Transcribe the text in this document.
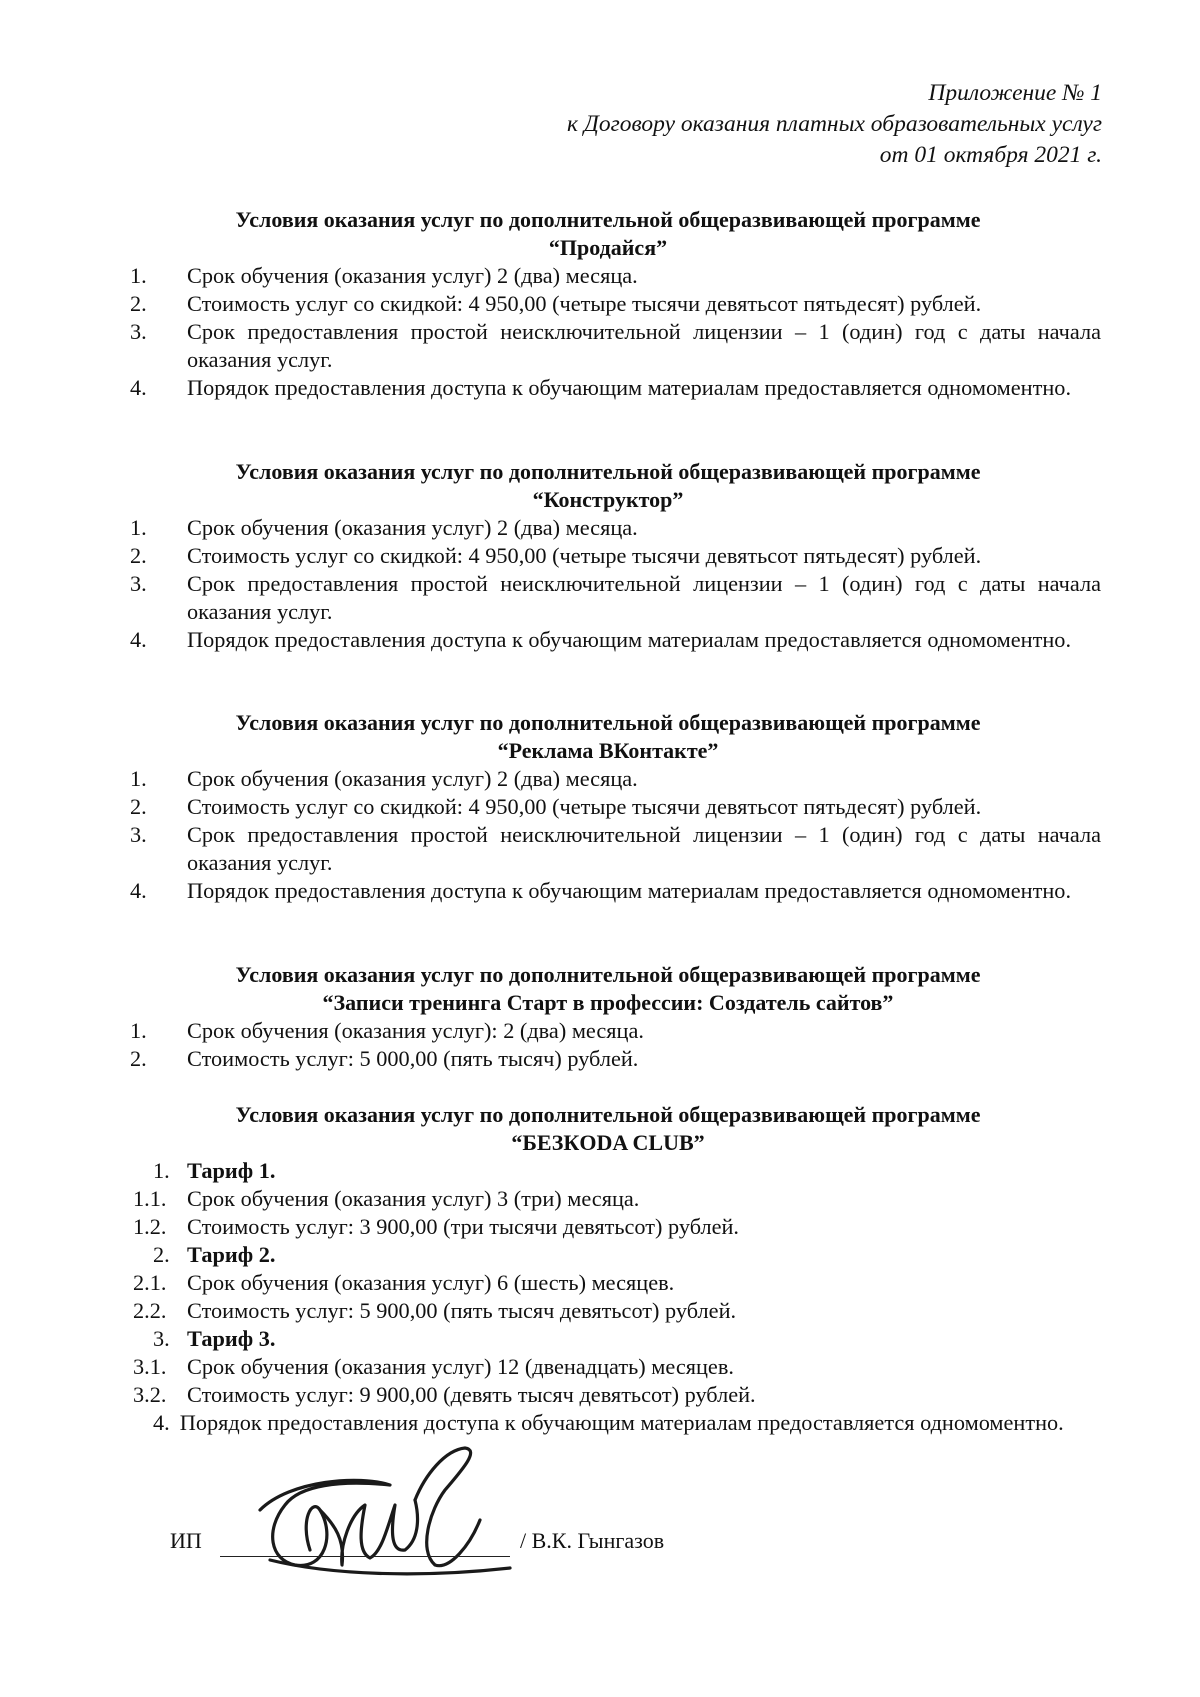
Приложение № 1
к Договору оказания платных образовательных услуг
от 01 октября 2021 г.
Условия оказания услуг по дополнительной общеразвивающей программе
“Продайся”
1. Срок обучения (оказания услуг) 2 (два) месяца.
2. Стоимость услуг со скидкой: 4 950,00 (четыре тысячи девятьсот пятьдесят) рублей.
3. Срок предоставления простой неисключительной лицензии – 1 (один) год с даты начала оказания услуг.
4. Порядок предоставления доступа к обучающим материалам предоставляется одномоментно.
Условия оказания услуг по дополнительной общеразвивающей программе
“Конструктор”
1. Срок обучения (оказания услуг) 2 (два) месяца.
2. Стоимость услуг со скидкой: 4 950,00 (четыре тысячи девятьсот пятьдесят) рублей.
3. Срок предоставления простой неисключительной лицензии – 1 (один) год с даты начала оказания услуг.
4. Порядок предоставления доступа к обучающим материалам предоставляется одномоментно.
Условия оказания услуг по дополнительной общеразвивающей программе
“Реклама ВКонтакте”
1. Срок обучения (оказания услуг) 2 (два) месяца.
2. Стоимость услуг со скидкой: 4 950,00 (четыре тысячи девятьсот пятьдесят) рублей.
3. Срок предоставления простой неисключительной лицензии – 1 (один) год с даты начала оказания услуг.
4. Порядок предоставления доступа к обучающим материалам предоставляется одномоментно.
Условия оказания услуг по дополнительной общеразвивающей программе
“Записи тренинга Старт в профессии: Создатель сайтов”
1. Срок обучения (оказания услуг): 2 (два) месяца.
2. Стоимость услуг: 5 000,00 (пять тысяч) рублей.
Условия оказания услуг по дополнительной общеразвивающей программе
“БЕЗКODA CLUB”
1. Тариф 1.
1.1. Срок обучения (оказания услуг) 3 (три) месяца.
1.2. Стоимость услуг: 3 900,00 (три тысячи девятьсот) рублей.
2. Тариф 2.
2.1. Срок обучения (оказания услуг) 6 (шесть) месяцев.
2.2. Стоимость услуг: 5 900,00 (пять тысяч девятьсот) рублей.
3. Тариф 3.
3.1. Срок обучения (оказания услуг) 12 (двенадцать) месяцев.
3.2. Стоимость услуг: 9 900,00 (девять тысяч девятьсот) рублей.
4. Порядок предоставления доступа к обучающим материалам предоставляется одномоментно.
ИП	/ В.К. Гынгазов
